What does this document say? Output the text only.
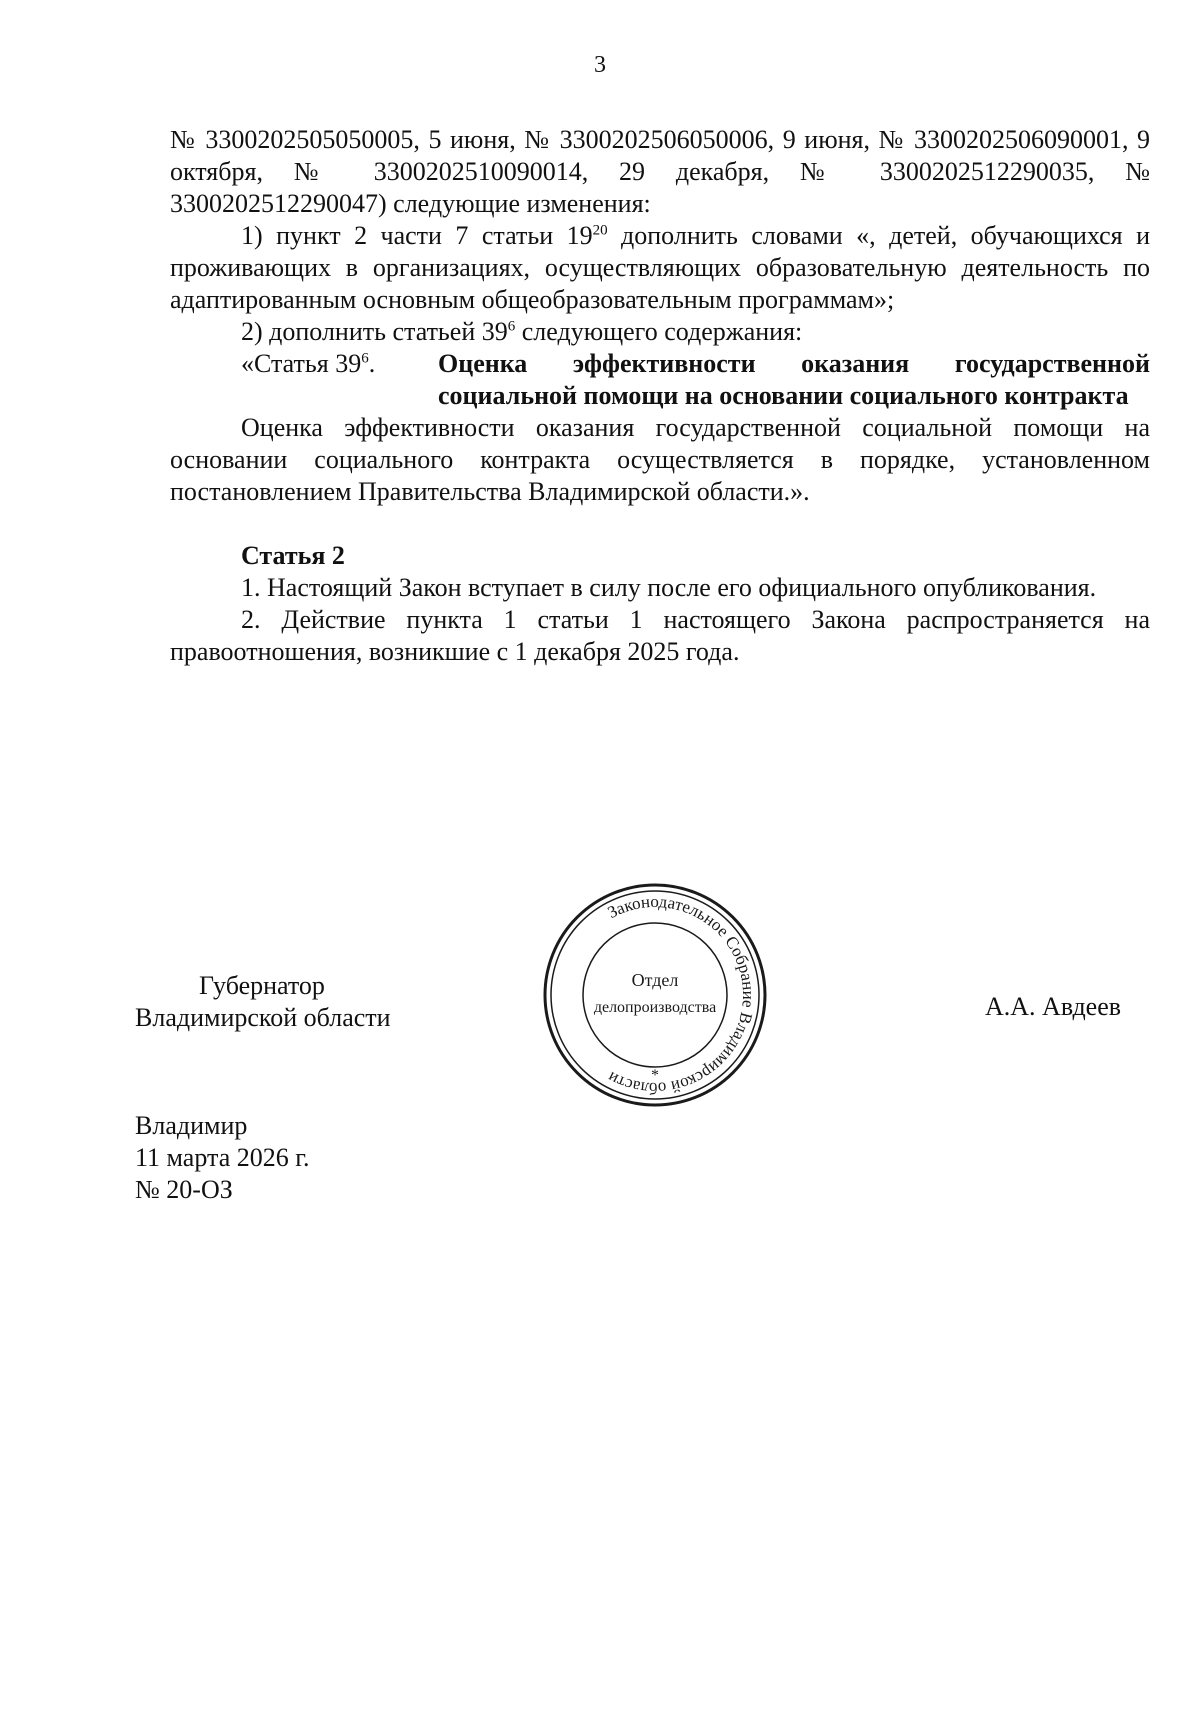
3

№ 3300202505050005, 5 июня, № 3300202506050006, 9 июня, № 3300202506090001, 9 октября, № 3300202510090014, 29 декабря, № 3300202512290035, № 3300202512290047) следующие изменения:

1) пункт 2 части 7 статьи $19^{20}$ дополнить словами «, детей, обучающихся и проживающих в организациях, осуществляющих образовательную деятельность по адаптированным основным общеобразовательным программам»;

2) дополнить статьей $39^6$ следующего содержания:

«Статья $39^6$.	Оценка эффективности оказания государственной социальной помощи на основании социального контракта

Оценка эффективности оказания государственной социальной помощи на основании социального контракта осуществляется в порядке, установленном постановлением Правительства Владимирской области.».

Статья 2

1. Настоящий Закон вступает в силу после его официального опубликования.

2. Действие пункта 1 статьи 1 настоящего Закона распространяется на правоотношения, возникшие с 1 декабря 2025 года.

Губернатор
Владимирской области	А.А. Авдеев
Законодательное Собрание Владимирской области	*
Отдел
делопроизводства
Владимир
11 марта 2026 г.
№ 20-ОЗ
